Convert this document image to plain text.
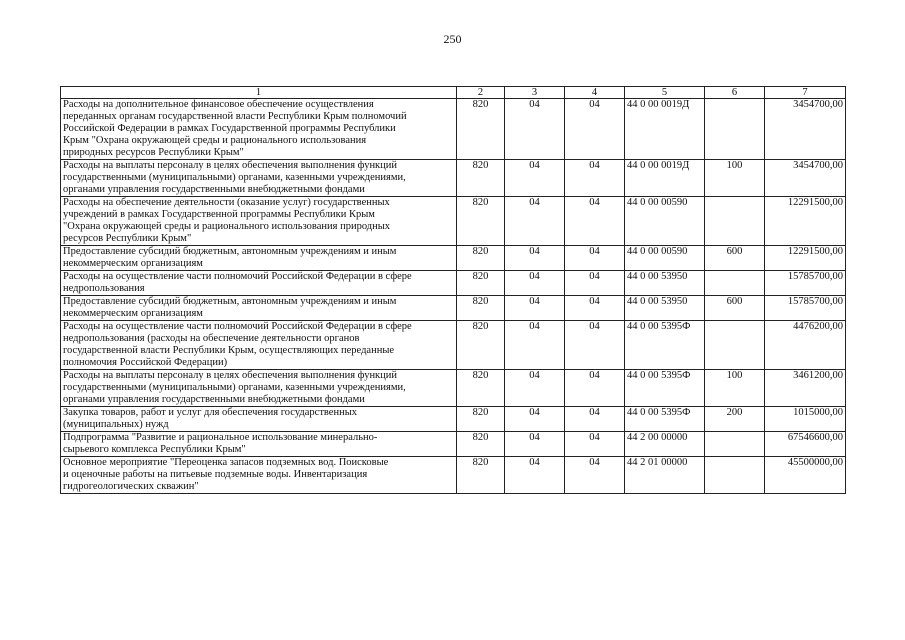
250
1	2	3	4	5	6	7
Расходы на дополнительное финансовое обеспечение осуществления
переданных органам государственной власти Республики Крым полномочий
Российской Федерации в рамках Государственной программы Республики
Крым "Охрана окружающей среды и рационального использования
природных ресурсов Республики Крым"	820	04	04	44 0 00 0019Д		3454700,00
Расходы на выплаты персоналу в целях обеспечения выполнения функций
государственными (муниципальными) органами, казенными учреждениями,
органами управления государственными внебюджетными фондами	820	04	04	44 0 00 0019Д	100	3454700,00
Расходы на обеспечение деятельности (оказание услуг) государственных
учреждений в рамках Государственной программы Республики Крым
"Охрана окружающей среды и рационального использования природных
ресурсов Республики Крым"	820	04	04	44 0 00 00590		12291500,00
Предоставление субсидий бюджетным, автономным учреждениям и иным
некоммерческим организациям	820	04	04	44 0 00 00590	600	12291500,00
Расходы на осуществление части полномочий Российской Федерации в сфере
недропользования	820	04	04	44 0 00 53950		15785700,00
Предоставление субсидий бюджетным, автономным учреждениям и иным
некоммерческим организациям	820	04	04	44 0 00 53950	600	15785700,00
Расходы на осуществление части полномочий Российской Федерации в сфере
недропользования (расходы на обеспечение деятельности органов
государственной власти Республики Крым, осуществляющих переданные
полномочия Российской Федерации)	820	04	04	44 0 00 5395Ф		4476200,00
Расходы на выплаты персоналу в целях обеспечения выполнения функций
государственными (муниципальными) органами, казенными учреждениями,
органами управления государственными внебюджетными фондами	820	04	04	44 0 00 5395Ф	100	3461200,00
Закупка товаров, работ и услуг для обеспечения государственных
(муниципальных) нужд	820	04	04	44 0 00 5395Ф	200	1015000,00
Подпрограмма "Развитие и рациональное использование минерально-
сырьевого комплекса Республики Крым"	820	04	04	44 2 00 00000		67546600,00
Основное мероприятие "Переоценка запасов подземных вод. Поисковые
и оценочные работы на питьевые подземные воды. Инвентаризация
гидрогеологических скважин"	820	04	04	44 2 01 00000		45500000,00
